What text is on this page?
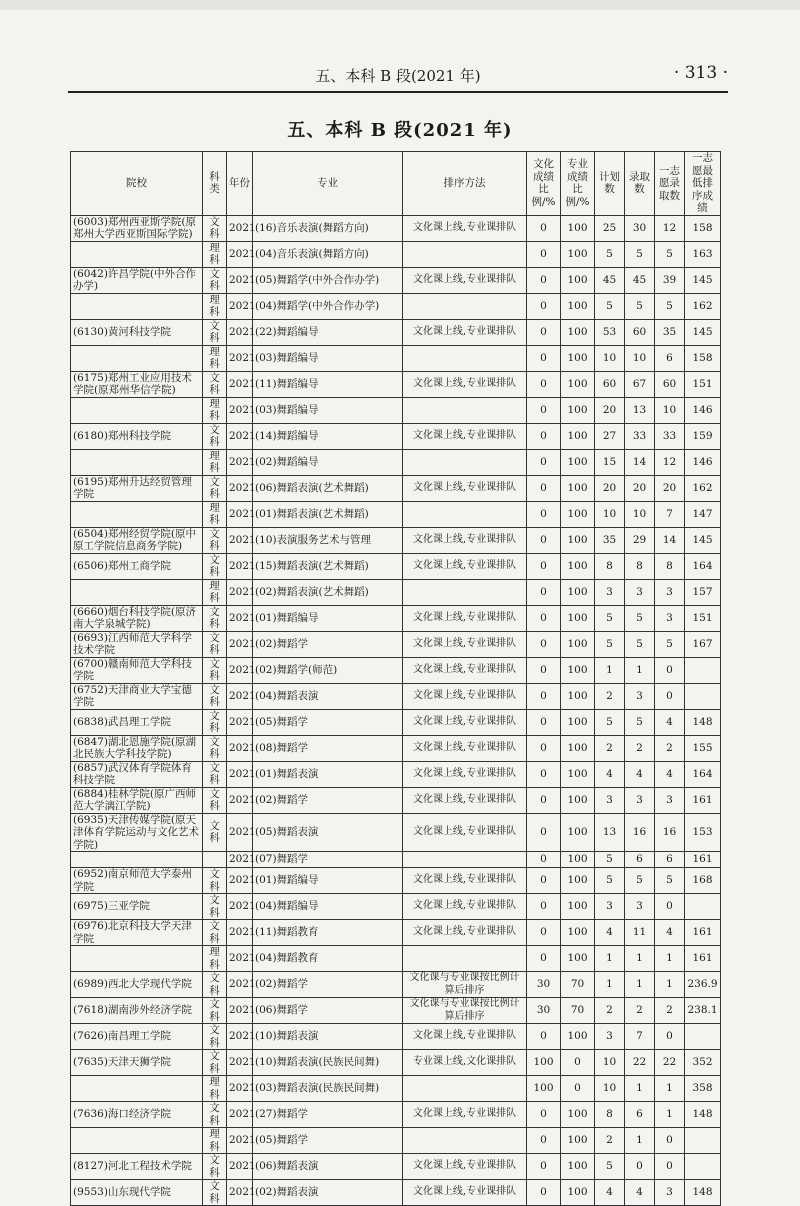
五、本科 B 段(2021 年)	· 313 ·
五、本科 B 段(2021 年)
院校	科类	年份	专业	排序方法	文化成绩比例/%	专业成绩比例/%	计划数	录取数	一志愿录取数	一志愿最低排序成绩
(6003)郑州西亚斯学院(原郑州大学西亚斯国际学院)	文科	2021	(16)音乐表演(舞蹈方向)	文化课上线,专业课排队	0	100	25	30	12	158
	理科	2021	(04)音乐表演(舞蹈方向)		0	100	5	5	5	163
(6042)许昌学院(中外合作办学)	文科	2021	(05)舞蹈学(中外合作办学)	文化课上线,专业课排队	0	100	45	45	39	145
	理科	2021	(04)舞蹈学(中外合作办学)		0	100	5	5	5	162
(6130)黄河科技学院	文科	2021	(22)舞蹈编导	文化课上线,专业课排队	0	100	53	60	35	145
	理科	2021	(03)舞蹈编导		0	100	10	10	6	158
(6175)郑州工业应用技术学院(原郑州华信学院)	文科	2021	(11)舞蹈编导	文化课上线,专业课排队	0	100	60	67	60	151
	理科	2021	(03)舞蹈编导		0	100	20	13	10	146
(6180)郑州科技学院	文科	2021	(14)舞蹈编导	文化课上线,专业课排队	0	100	27	33	33	159
	理科	2021	(02)舞蹈编导		0	100	15	14	12	146
(6195)郑州升达经贸管理学院	文科	2021	(06)舞蹈表演(艺术舞蹈)	文化课上线,专业课排队	0	100	20	20	20	162
	理科	2021	(01)舞蹈表演(艺术舞蹈)		0	100	10	10	7	147
(6504)郑州经贸学院(原中原工学院信息商务学院)	文科	2021	(10)表演服务艺术与管理	文化课上线,专业课排队	0	100	35	29	14	145
(6506)郑州工商学院	文科	2021	(15)舞蹈表演(艺术舞蹈)	文化课上线,专业课排队	0	100	8	8	8	164
	理科	2021	(02)舞蹈表演(艺术舞蹈)		0	100	3	3	3	157
(6660)烟台科技学院(原济南大学泉城学院)	文科	2021	(01)舞蹈编导	文化课上线,专业课排队	0	100	5	5	3	151
(6693)江西师范大学科学技术学院	文科	2021	(02)舞蹈学	文化课上线,专业课排队	0	100	5	5	5	167
(6700)赣南师范大学科技学院	文科	2021	(02)舞蹈学(师范)	文化课上线,专业课排队	0	100	1	1	0	
(6752)天津商业大学宝德学院	文科	2021	(04)舞蹈表演	文化课上线,专业课排队	0	100	2	3	0	
(6838)武昌理工学院	文科	2021	(05)舞蹈学	文化课上线,专业课排队	0	100	5	5	4	148
(6847)湖北恩施学院(原湖北民族大学科技学院)	文科	2021	(08)舞蹈学	文化课上线,专业课排队	0	100	2	2	2	155
(6857)武汉体育学院体育科技学院	文科	2021	(01)舞蹈表演	文化课上线,专业课排队	0	100	4	4	4	164
(6884)桂林学院(原广西师范大学漓江学院)	文科	2021	(02)舞蹈学	文化课上线,专业课排队	0	100	3	3	3	161
(6935)天津传媒学院(原天津体育学院运动与文化艺术学院)	文科	2021	(05)舞蹈表演	文化课上线,专业课排队	0	100	13	16	16	153
		2021	(07)舞蹈学		0	100	5	6	6	161
(6952)南京师范大学泰州学院	文科	2021	(01)舞蹈编导	文化课上线,专业课排队	0	100	5	5	5	168
(6975)三亚学院	文科	2021	(04)舞蹈编导	文化课上线,专业课排队	0	100	3	3	0	
(6976)北京科技大学天津学院	文科	2021	(11)舞蹈教育	文化课上线,专业课排队	0	100	4	11	4	161
	理科	2021	(04)舞蹈教育		0	100	1	1	1	161
(6989)西北大学现代学院	文科	2021	(02)舞蹈学	文化课与专业课按比例计算后排序	30	70	1	1	1	236.9
(7618)湖南涉外经济学院	文科	2021	(06)舞蹈学	文化课与专业课按比例计算后排序	30	70	2	2	2	238.1
(7626)南昌理工学院	文科	2021	(10)舞蹈表演	文化课上线,专业课排队	0	100	3	7	0	
(7635)天津天狮学院	文科	2021	(10)舞蹈表演(民族民间舞)	专业课上线,文化课排队	100	0	10	22	22	352
	理科	2021	(03)舞蹈表演(民族民间舞)		100	0	10	1	1	358
(7636)海口经济学院	文科	2021	(27)舞蹈学	文化课上线,专业课排队	0	100	8	6	1	148
	理科	2021	(05)舞蹈学		0	100	2	1	0	
(8127)河北工程技术学院	文科	2021	(06)舞蹈表演	文化课上线,专业课排队	0	100	5	0	0	
(9553)山东现代学院	文科	2021	(02)舞蹈表演	文化课上线,专业课排队	0	100	4	4	3	148
